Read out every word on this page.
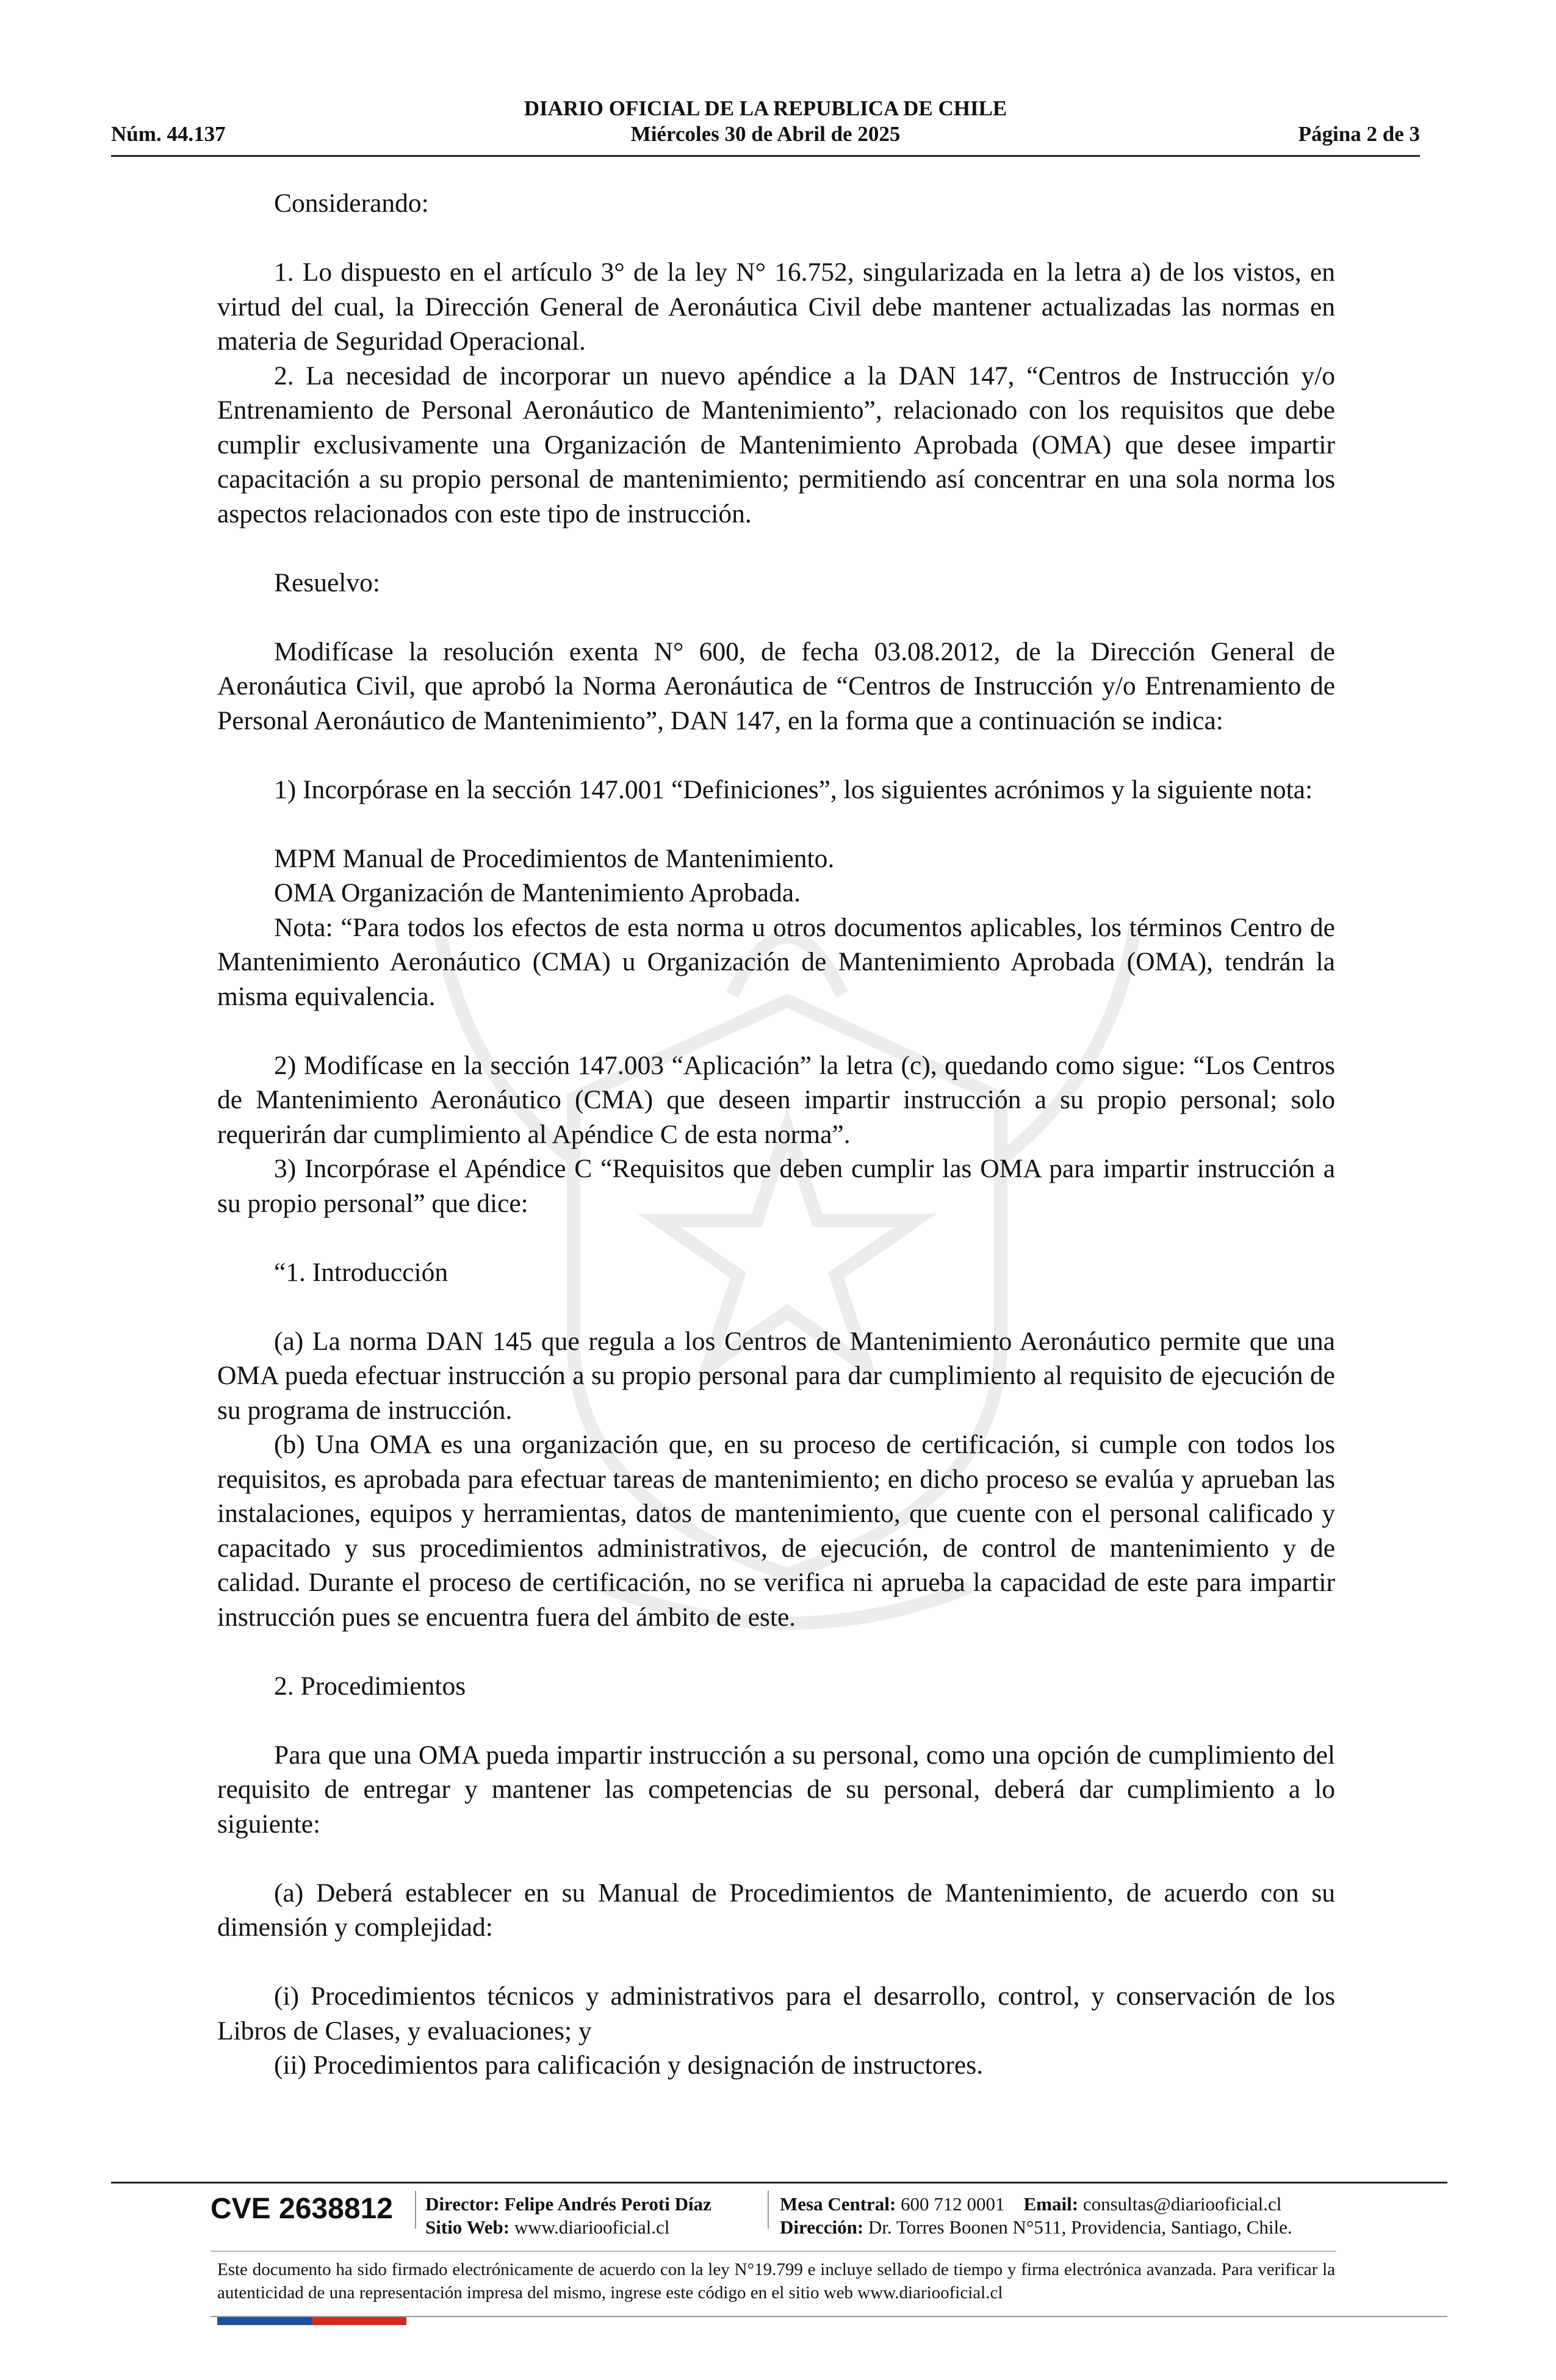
DIARIO OFICIAL DE LA REPUBLICA DE CHILE
Núm. 44.137	Miércoles 30 de Abril de 2025	Página 2 de 3

Considerando:

1. Lo dispuesto en el artículo 3° de la ley N° 16.752, singularizada en la letra a) de los vistos, en virtud del cual, la Dirección General de Aeronáutica Civil debe mantener actualizadas las normas en materia de Seguridad Operacional.

2. La necesidad de incorporar un nuevo apéndice a la DAN 147, “Centros de Instrucción y/o Entrenamiento de Personal Aeronáutico de Mantenimiento”, relacionado con los requisitos que debe cumplir exclusivamente una Organización de Mantenimiento Aprobada (OMA) que desee impartir capacitación a su propio personal de mantenimiento; permitiendo así concentrar en una sola norma los aspectos relacionados con este tipo de instrucción.

Resuelvo:

Modifícase la resolución exenta N° 600, de fecha 03.08.2012, de la Dirección General de Aeronáutica Civil, que aprobó la Norma Aeronáutica de “Centros de Instrucción y/o Entrenamiento de Personal Aeronáutico de Mantenimiento”, DAN 147, en la forma que a continuación se indica:

1) Incorpórase en la sección 147.001 “Definiciones”, los siguientes acrónimos y la siguiente nota:

MPM Manual de Procedimientos de Mantenimiento.

OMA Organización de Mantenimiento Aprobada.

Nota: “Para todos los efectos de esta norma u otros documentos aplicables, los términos Centro de Mantenimiento Aeronáutico (CMA) u Organización de Mantenimiento Aprobada (OMA), tendrán la misma equivalencia.

2) Modifícase en la sección 147.003 “Aplicación” la letra (c), quedando como sigue: “Los Centros de Mantenimiento Aeronáutico (CMA) que deseen impartir instrucción a su propio personal; solo requerirán dar cumplimiento al Apéndice C de esta norma”.

3) Incorpórase el Apéndice C “Requisitos que deben cumplir las OMA para impartir instrucción a su propio personal” que dice:

“1. Introducción

(a) La norma DAN 145 que regula a los Centros de Mantenimiento Aeronáutico permite que una OMA pueda efectuar instrucción a su propio personal para dar cumplimiento al requisito de ejecución de su programa de instrucción.

(b) Una OMA es una organización que, en su proceso de certificación, si cumple con todos los requisitos, es aprobada para efectuar tareas de mantenimiento; en dicho proceso se evalúa y aprueban las instalaciones, equipos y herramientas, datos de mantenimiento, que cuente con el personal calificado y capacitado y sus procedimientos administrativos, de ejecución, de control de mantenimiento y de calidad. Durante el proceso de certificación, no se verifica ni aprueba la capacidad de este para impartir instrucción pues se encuentra fuera del ámbito de este.

2. Procedimientos

Para que una OMA pueda impartir instrucción a su personal, como una opción de cumplimiento del requisito de entregar y mantener las competencias de su personal, deberá dar cumplimiento a lo siguiente:

(a) Deberá establecer en su Manual de Procedimientos de Mantenimiento, de acuerdo con su dimensión y complejidad:

(i) Procedimientos técnicos y administrativos para el desarrollo, control, y conservación de los Libros de Clases, y evaluaciones; y

(ii) Procedimientos para calificación y designación de instructores.

CVE 2638812 Director: Felipe Andrés Peroti Díaz
Sitio Web: www.diariooficial.cl
Mesa Central: 600 712 0001 Email: consultas@diariooficial.cl
Dirección: Dr. Torres Boonen N°511, Providencia, Santiago, Chile.
Este documento ha sido firmado electrónicamente de acuerdo con la ley N°19.799 e incluye sellado de tiempo y firma electrónica avanzada. Para verificar la autenticidad de una representación impresa del mismo, ingrese este código en el sitio web www.diariooficial.cl
